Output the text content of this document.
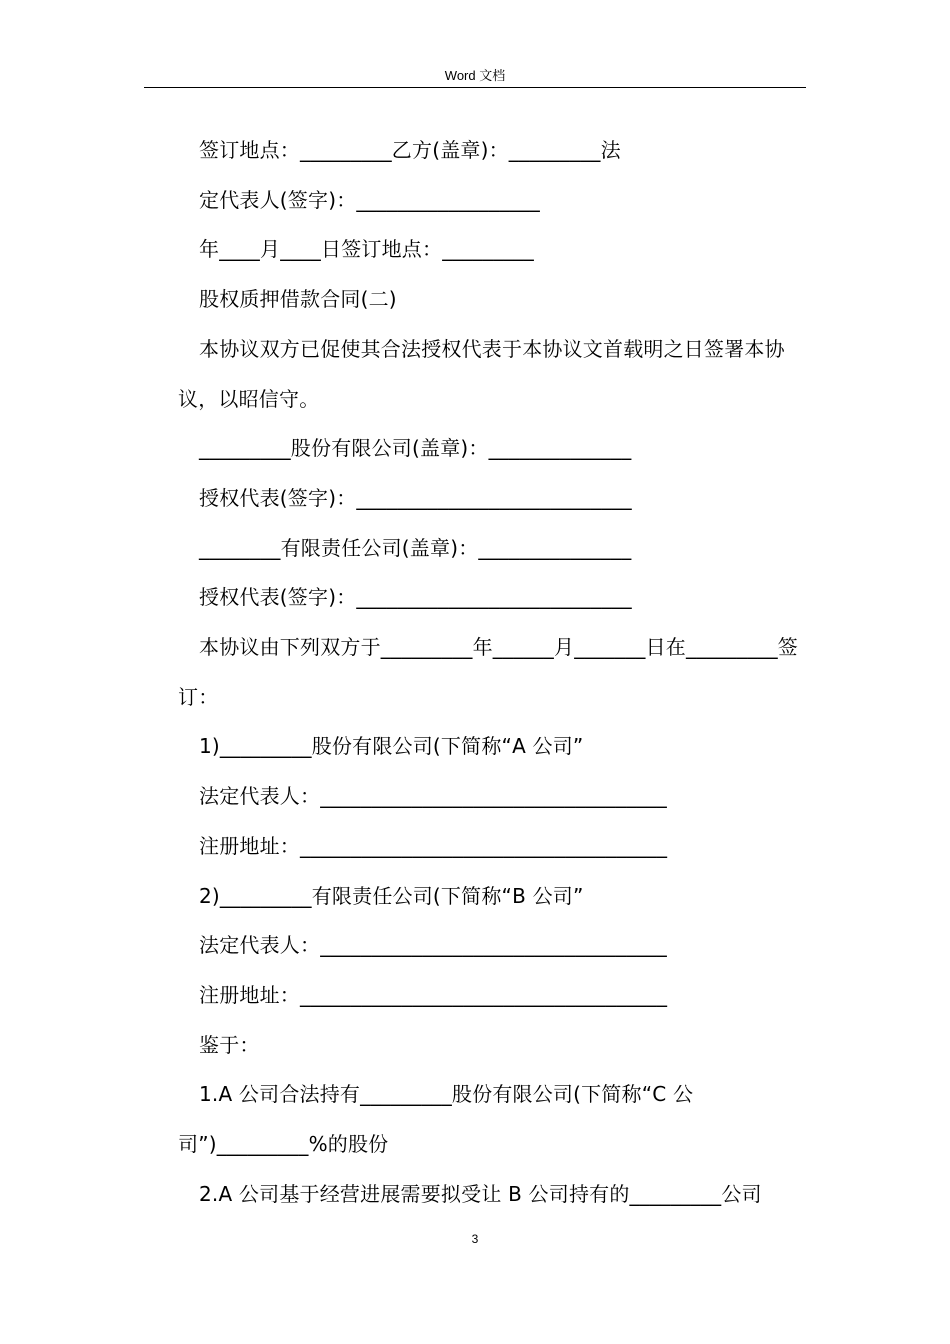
Word 文档

签订地点：_________乙方(盖章)：_________法

定代表人(签字)：__________________

年____月____日签订地点：_________

股权质押借款合同(二)

本协议双方已促使其合法授权代表于本协议文首载明之日签署本协议，以昭信守。

_________股份有限公司(盖章)：______________

授权代表(签字)：___________________________

________有限责任公司(盖章)：_______________

授权代表(签字)：___________________________

本协议由下列双方于_________年______月_______日在_________签订：

1)_________股份有限公司(下简称“A 公司”

法定代表人：__________________________________

注册地址：____________________________________

2)_________有限责任公司(下简称“B 公司”

法定代表人：__________________________________

注册地址：____________________________________

鉴于：

1.A 公司合法持有_________股份有限公司(下简称“C 公司”)_________%的股份

2.A 公司基于经营进展需要拟受让 B 公司持有的_________公司

3
